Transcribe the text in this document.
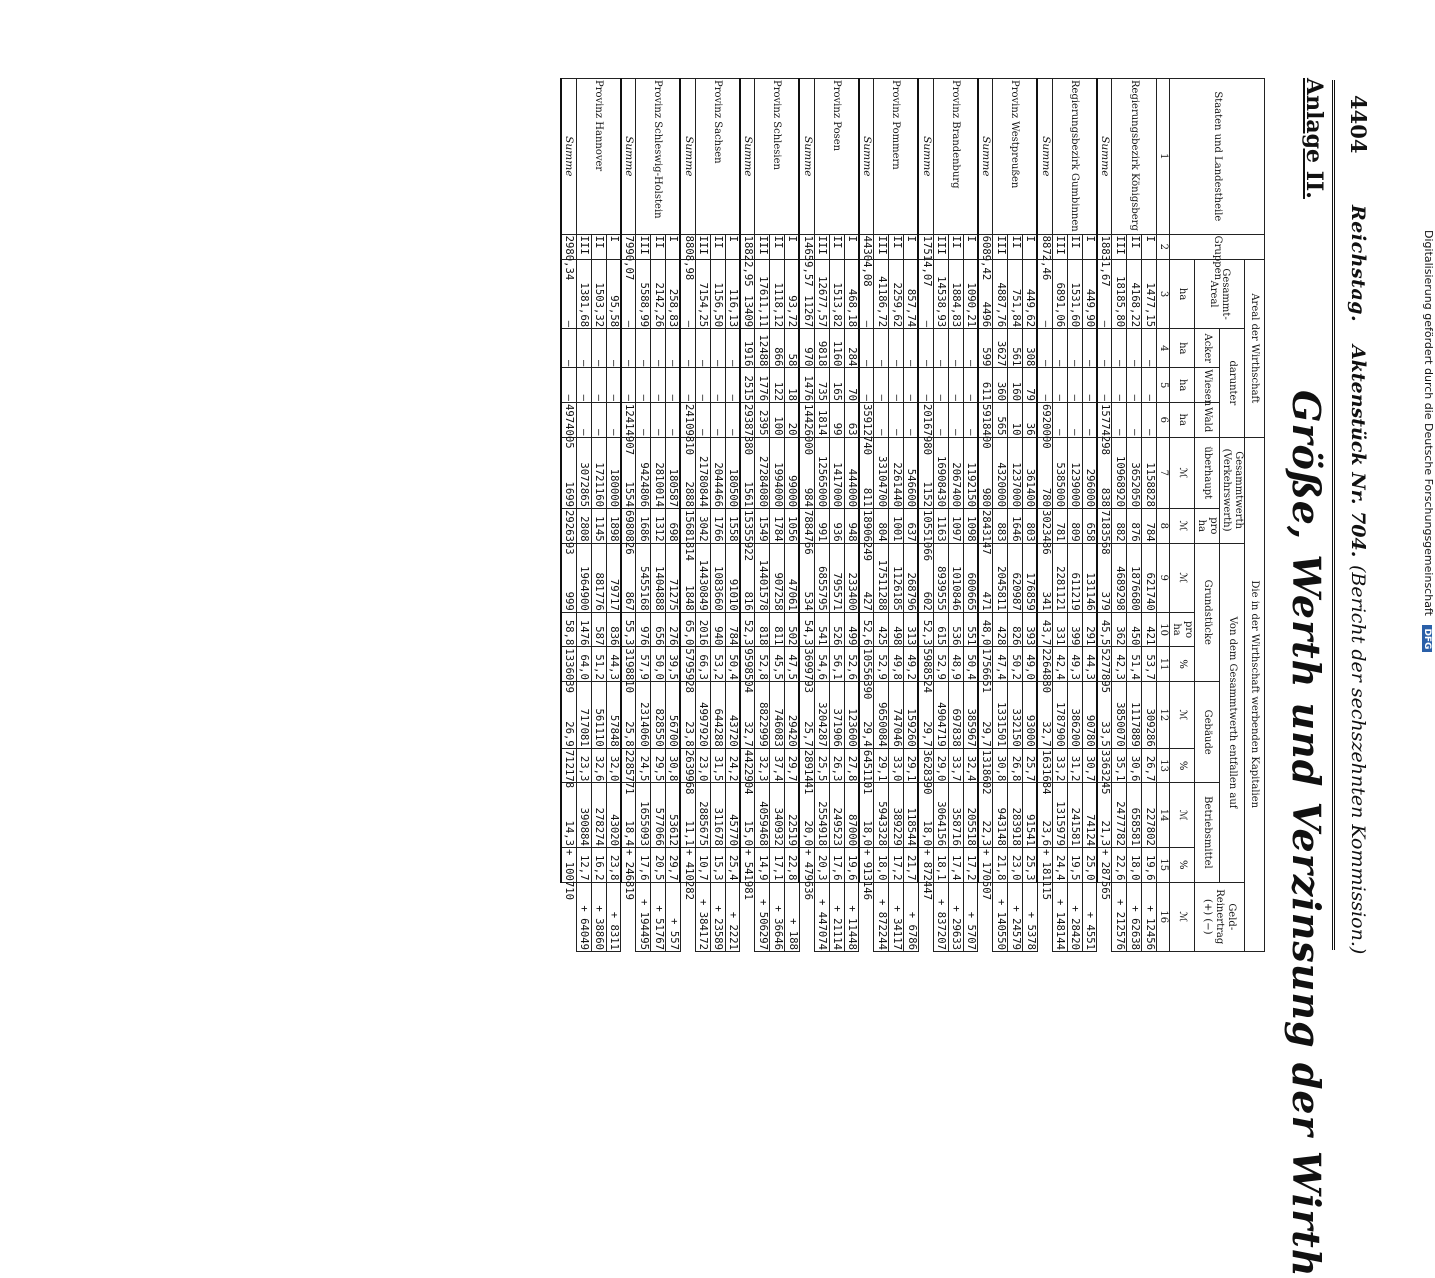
4404
Reichstag.
Aktenstück Nr. 704.
(Bericht der sechszehnten Kommission.)
Anlage II.
Größe, Werth und Verzinsung der Wirth
Staaten und Landestheile	Gruppen	Areal der Wirthschaft				Die in der Wirthschaft werbenden Kapitalien									
		Gesammt-Areal	darunter			Gesammtwerth (Verkehrswerth)		Von dem Gesammtwerth entfallen auf							Geld-Reinertrag (+) (−)
			Acker	Wiesen	Wald	überhaupt	pro ha	Grundstücke			Gebäude		Betriebsmittel		
		ha	ha	ha	ha	ℳ	ℳ	ℳ	pro ha	%	ℳ	%	ℳ	%	ℳ
1	2	3	4	5	6	7	8	9	10	11	12	13	14	15	16
Regierungsbezirk Königsberg	I	1477,15	—	—	—	1158828	784	621740	421	53,7	309286	26,7	227802	19,6	+ 12456
	II	4168,22	—	—	—	3652050	876	1876680	450	51,4	1117889	30,6	658581	18,0	+ 62638
	III	18185,80	—	—	—	10968920	882	4689298	362	42,3	3850070	35,1	2477782	22,6	+ 212576
Summe	18831,67	—	—	—	15774298	838	7183568	379	45,5	5277895	33,5	3363245	21,3	+ 287565	
Regierungsbezirk Gumbinnen	I	449,90	—	—	—	296000	658	131146	291	44,3	90780	30,7	74124	25,0	+ 4551
	II	1531,60	—	—	—	1239000	809	611219	399	49,3	386200	31,2	241581	19,5	+ 28420
	III	6891,06	—	—	—	5385000	781	2281121	331	42,4	1787900	33,2	1315979	24,4	+ 148144
Summe	8872,46	—	—	—	6920000	780	3023486	341	43,7	2264880	32,7	1631684	23,6	+ 181115	
Provinz Westpreußen	I	449,62	308	79	36	361400	803	176859	393	49,0	93000	25,7	91541	25,3	+ 5378
	II	751,84	561	160	10	1237000	1646	620987	826	50,2	332150	26,8	283918	23,0	+ 24579
	III	4887,76	3627	360	565	4320000	883	2045811	428	47,4	1331501	30,8	943148	21,8	+ 140550
Summe	6089,42	4496	599	611	5918400	980	2843147	471	48,0	1756651	29,7	1318602	22,3	+ 170507	
Provinz Brandenburg	I	1090,21	—	—	—	1192150	1098	600665	551	50,4	385967	32,4	205518	17,2	+ 5707
	II	1884,83	—	—	—	2067400	1097	1010846	536	48,9	697838	33,7	358716	17,4	+ 29633
	III	14538,93	—	—	—	16908430	1163	8939555	615	52,9	4904719	29,0	3064156	18,1	+ 837207
Summe	17514,07	—	—	—	20167980	1152	10551066	602	52,3	5988524	29,7	3628390	18,0	+ 872447	
Provinz Pommern	I	857,74	—	—	—	546600	637	268796	313	49,2	159260	29,1	118544	21,7	+ 6786
	II	2259,62	—	—	—	2261440	1001	1126185	498	49,8	747046	33,0	389229	17,2	+ 34117
	III	41186,72	—	—	—	33104700	804	17511288	425	52,9	9650084	29,1	5943328	18,0	+ 872244
Summe	44304,08	—	—	—	35912740	811	18906249	427	52,6	10556390	29,4	6451101	18,0	+ 913146	
Provinz Posen	I	468,18	284	70	63	444000	948	233400	499	52,6	123600	27,8	87000	19,6	+ 11448
	II	1513,82	1160	165	99	1417000	936	795571	526	56,1	371906	26,3	249523	17,6	+ 21114
	III	12677,57	9818	735	1814	12565000	991	6855795	541	54,6	3204287	25,5	2554918	20,3	+ 447074
Summe	14659,57	11267	970	1476	14426000	984	7884766	534	54,3	3699793	25,7	2891441	20,0	+ 479636	
Provinz Schlesien	I	93,72	58	18	20	99000	1056	47061	502	47,5	29420	29,7	22519	22,8	+ 188
	II	1118,12	866	122	100	1994000	1784	907258	811	45,5	746083	37,4	340932	17,1	+ 36646
	III	17611,11	12488	1776	2395	27284080	1549	14401578	818	52,8	8822999	32,3	4059468	14,9	+ 506297
Summe	18822,95	13409	1916	2515	29387380	1561	15355922	816	52,3	9598504	32,7	4422904	15,0	+ 541981	
Provinz Sachsen	I	116,13	—	—	—	180500	1558	91010	784	50,4	43720	24,2	45770	25,4	+ 2221
	II	1156,50	—	—	—	2044466	1766	1083660	940	53,2	644288	31,5	311678	15,3	+ 23589
	III	7154,25	—	—	—	21780844	3042	14430849	2016	66,3	4997920	23,0	2885675	10,7	+ 384172
Summe	8808,98	—	—	—	24109810	2888	15681814	1848	65,0	5795928	23,8	2639968	11,1	+ 410282	
Provinz Schleswig-Holstein	I	258,83	—	—	—	180587	698	71275	276	39,5	56700	30,8	53612	29,7	+ 557
	II	2142,26	—	—	—	2810014	1312	1404888	656	50,0	828550	29,5	577066	20,5	+ 51767
	III	5588,99	—	—	—	9424806	1686	5455168	976	57,9	2314060	24,5	1655093	17,6	+ 194495
Summe	7990,07	—	—	—	12414907	1554	6980826	867	55,3	3198810	25,8	2285771	18,4	+ 246819	
Provinz Hannover	I	95,58	—	—	—	180000	1898	79717	836	44,3	57848	32,0	43020	23,8	+ 8311
	II	1503,32	—	—	—	1721160	1145	881776	587	51,2	561110	32,6	278274	16,2	+ 38860
	III	1381,68	—	—	—	3072865	2808	1964900	1476	64,0	717081	23,3	390884	12,7	+ 64049
Summe	2980,34	—	—	—	4974005	1699	2926393	999	58,8	1336039	26,9	712178	14,3	+ 100710	
Digitalisierung gefördert durch die Deutsche Forschungsgemeinschaft DFG
